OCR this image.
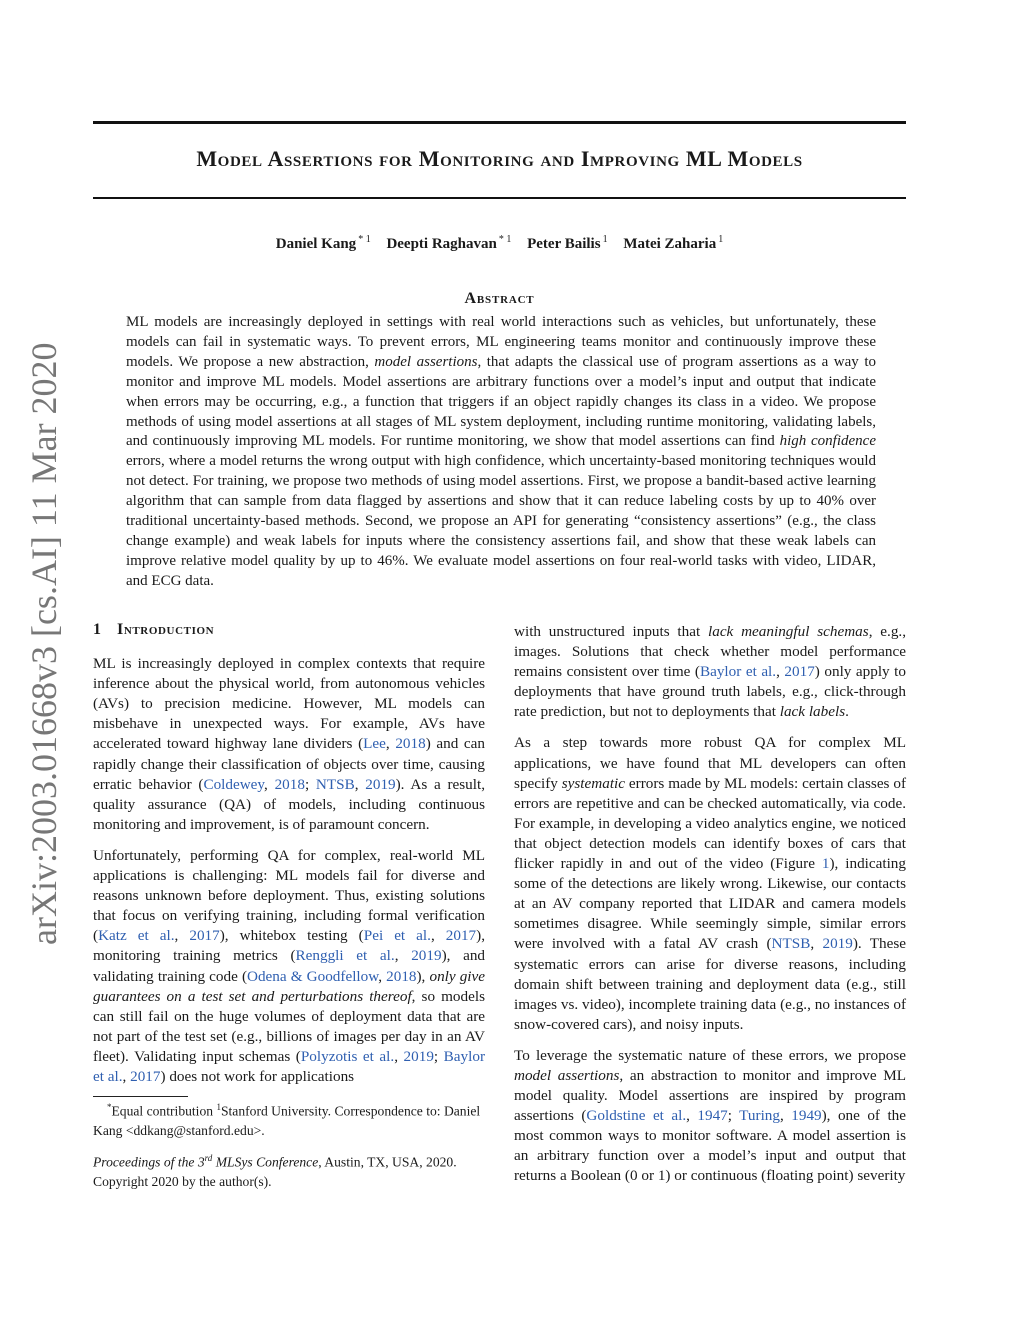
Model Assertions for Monitoring and Improving ML Models
Daniel Kang $^{* 1}$ Deepti Raghavan $^{* 1}$ Peter Bailis $^1$ Matei Zaharia $^1$
Abstract

ML models are increasingly deployed in settings with real world interactions such as vehicles, but unfortunately, these models can fail in systematic ways. To prevent errors, ML engineering teams monitor and continuously improve these models. We propose a new abstraction, model assertions, that adapts the classical use of program assertions as a way to monitor and improve ML models. Model assertions are arbitrary functions over a model’s input and output that indicate when errors may be occurring, e.g., a function that triggers if an object rapidly changes its class in a video. We propose methods of using model assertions at all stages of ML system deployment, including runtime monitoring, validating labels, and continuously improving ML models. For runtime monitoring, we show that model assertions can find high confidence errors, where a model returns the wrong output with high confidence, which uncertainty-based monitoring techniques would not detect. For training, we propose two methods of using model assertions. First, we propose a bandit-based active learning algorithm that can sample from data flagged by assertions and show that it can reduce labeling costs by up to 40% over traditional uncertainty-based methods. Second, we propose an API for generating “consistency assertions” (e.g., the class change example) and weak labels for inputs where the consistency assertions fail, and show that these weak labels can improve relative model quality by up to 46%. We evaluate model assertions on four real-world tasks with video, LIDAR, and ECG data.

arXiv:2003.01668v3 [cs.AI] 11 Mar 2020	1 Introduction

ML is increasingly deployed in complex contexts that require inference about the physical world, from autonomous vehicles (AVs) to precision medicine. However, ML models can misbehave in unexpected ways. For example, AVs have accelerated toward highway lane dividers (Lee, 2018) and can rapidly change their classification of objects over time, causing erratic behavior (Coldewey, 2018; NTSB, 2019). As a result, quality assurance (QA) of models, including continuous monitoring and improvement, is of paramount concern.

Unfortunately, performing QA for complex, real-world ML applications is challenging: ML models fail for diverse and reasons unknown before deployment. Thus, existing solutions that focus on verifying training, including formal verification (Katz et al., 2017), whitebox testing (Pei et al., 2017), monitoring training metrics (Renggli et al., 2019), and validating training code (Odena & Goodfellow, 2018), only give guarantees on a test set and perturbations thereof, so models can still fail on the huge volumes of deployment data that are not part of the test set (e.g., billions of images per day in an AV fleet). Validating input schemas (Polyzotis et al., 2019; Baylor et al., 2017) does not work for applications

with unstructured inputs that lack meaningful schemas, e.g., images. Solutions that check whether model performance remains consistent over time (Baylor et al., 2017) only apply to deployments that have ground truth labels, e.g., click-through rate prediction, but not to deployments that lack labels.

As a step towards more robust QA for complex ML applications, we have found that ML developers can often specify systematic errors made by ML models: certain classes of errors are repetitive and can be checked automatically, via code. For example, in developing a video analytics engine, we noticed that object detection models can identify boxes of cars that flicker rapidly in and out of the video (Figure 1), indicating some of the detections are likely wrong. Likewise, our contacts at an AV company reported that LIDAR and camera models sometimes disagree. While seemingly simple, similar errors were involved with a fatal AV crash (NTSB, 2019). These systematic errors can arise for diverse reasons, including domain shift between training and deployment data (e.g., still images vs. video), incomplete training data (e.g., no instances of snow-covered cars), and noisy inputs.

To leverage the systematic nature of these errors, we propose model assertions, an abstraction to monitor and improve ML model quality. Model assertions are inspired by program assertions (Goldstine et al., 1947; Turing, 1949), one of the most common ways to monitor software. A model assertion is an arbitrary function over a model’s input and output that returns a Boolean (0 or 1) or continuous (floating point) severity

*Equal contribution $^1$Stanford University. Correspondence to: Daniel Kang <ddkang@stanford.edu>.
Proceedings of the 3rd MLSys Conference, Austin, TX, USA, 2020. Copyright 2020 by the author(s).
